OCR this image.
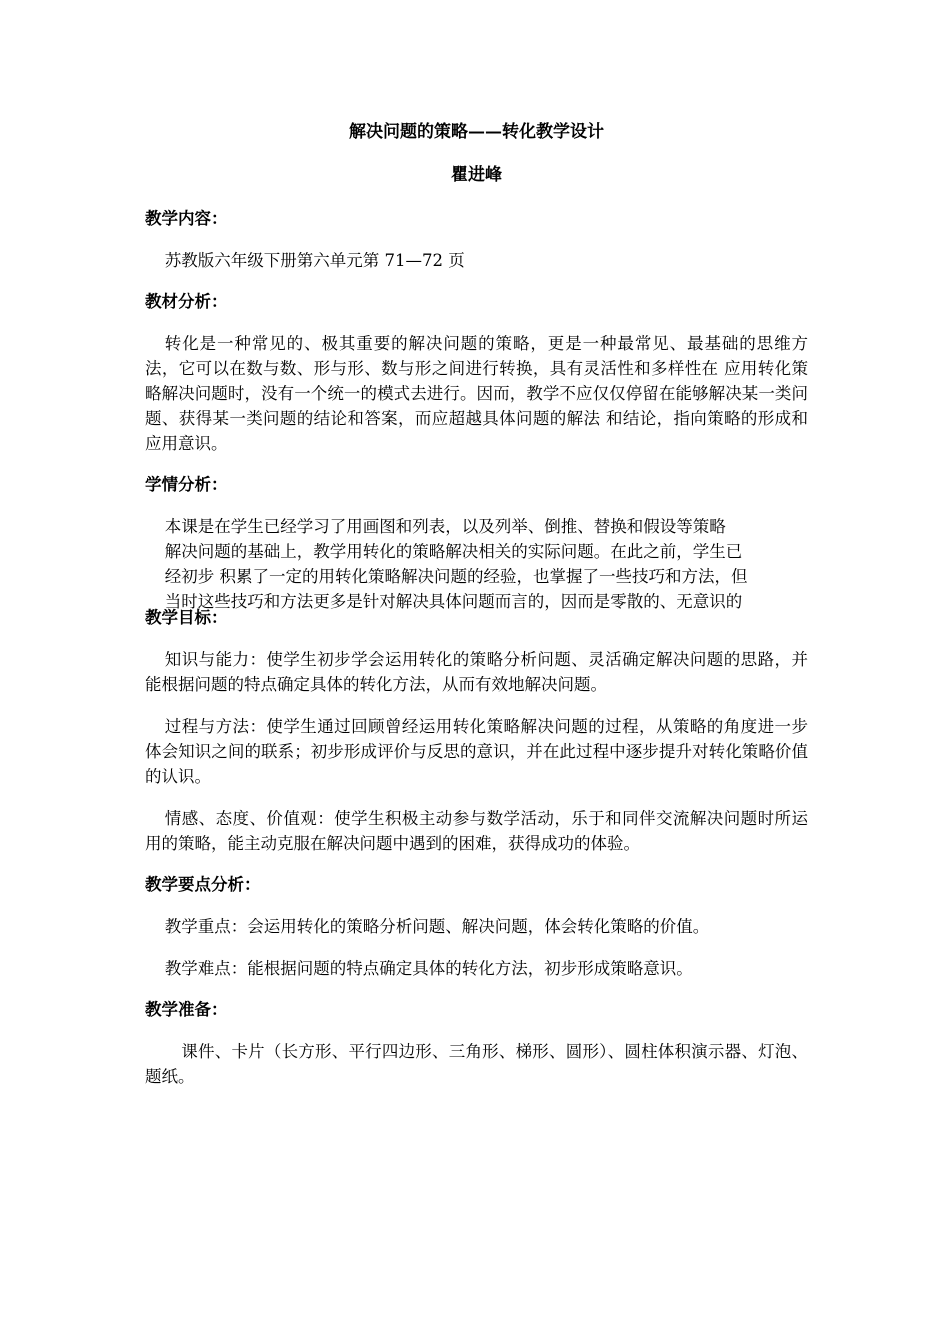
解决问题的策略——转化教学设计
瞿进峰
教学内容：
苏教版六年级下册第六单元第 71—72 页
教材分析：
转化是一种常见的、极其重要的解决问题的策略，更是一种最常见、最基础的思维方法，它可以在数与数、形与形、数与形之间进行转换，具有灵活性和多样性在 应用转化策略解决问题时，没有一个统一的模式去进行。因而，教学不应仅仅停留在能够解决某一类问题、获得某一类问题的结论和答案，而应超越具体问题的解法 和结论，指向策略的形成和应用意识。
学情分析：
本课是在学生已经学习了用画图和列表，以及列举、倒推、替换和假设等策略
解决问题的基础上，教学用转化的策略解决相关的实际问题。在此之前，学生已
经初步 积累了一定的用转化策略解决问题的经验，也掌握了一些技巧和方法，但
当时这些技巧和方法更多是针对解决具体问题而言的，因而是零散的、无意识的
教学目标：
知识与能力：使学生初步学会运用转化的策略分析问题、灵活确定解决问题的思路，并能根据问题的特点确定具体的转化方法，从而有效地解决问题。
过程与方法：使学生通过回顾曾经运用转化策略解决问题的过程，从策略的角度进一步体会知识之间的联系；初步形成评价与反思的意识，并在此过程中逐步提升对转化策略价值的认识。
情感、态度、价值观：使学生积极主动参与数学活动，乐于和同伴交流解决问题时所运用的策略，能主动克服在解决问题中遇到的困难，获得成功的体验。
教学要点分析：
教学重点：会运用转化的策略分析问题、解决问题，体会转化策略的价值。
教学难点：能根据问题的特点确定具体的转化方法，初步形成策略意识。
教学准备：
课件、卡片（长方形、平行四边形、三角形、梯形、圆形）、圆柱体积演示器、灯泡、题纸。
